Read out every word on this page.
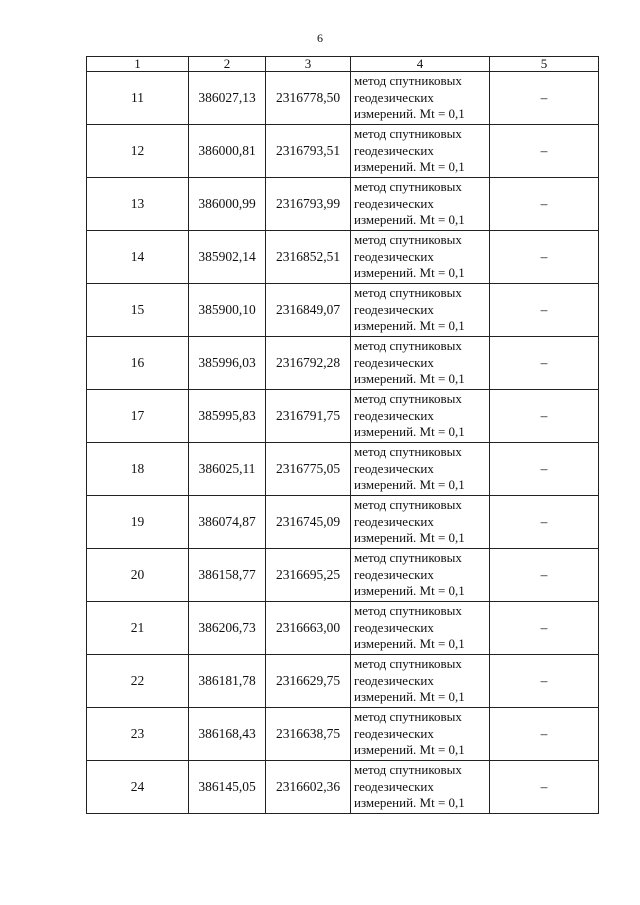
6
1	2	3	4	5
11	386027,13	2316778,50	метод спутниковых
геодезических
измерений. Mt = 0,1	–
12	386000,81	2316793,51	метод спутниковых
геодезических
измерений. Mt = 0,1	–
13	386000,99	2316793,99	метод спутниковых
геодезических
измерений. Mt = 0,1	–
14	385902,14	2316852,51	метод спутниковых
геодезических
измерений. Mt = 0,1	–
15	385900,10	2316849,07	метод спутниковых
геодезических
измерений. Mt = 0,1	–
16	385996,03	2316792,28	метод спутниковых
геодезических
измерений. Mt = 0,1	–
17	385995,83	2316791,75	метод спутниковых
геодезических
измерений. Mt = 0,1	–
18	386025,11	2316775,05	метод спутниковых
геодезических
измерений. Mt = 0,1	–
19	386074,87	2316745,09	метод спутниковых
геодезических
измерений. Mt = 0,1	–
20	386158,77	2316695,25	метод спутниковых
геодезических
измерений. Mt = 0,1	–
21	386206,73	2316663,00	метод спутниковых
геодезических
измерений. Mt = 0,1	–
22	386181,78	2316629,75	метод спутниковых
геодезических
измерений. Mt = 0,1	–
23	386168,43	2316638,75	метод спутниковых
геодезических
измерений. Mt = 0,1	–
24	386145,05	2316602,36	метод спутниковых
геодезических
измерений. Mt = 0,1	–
